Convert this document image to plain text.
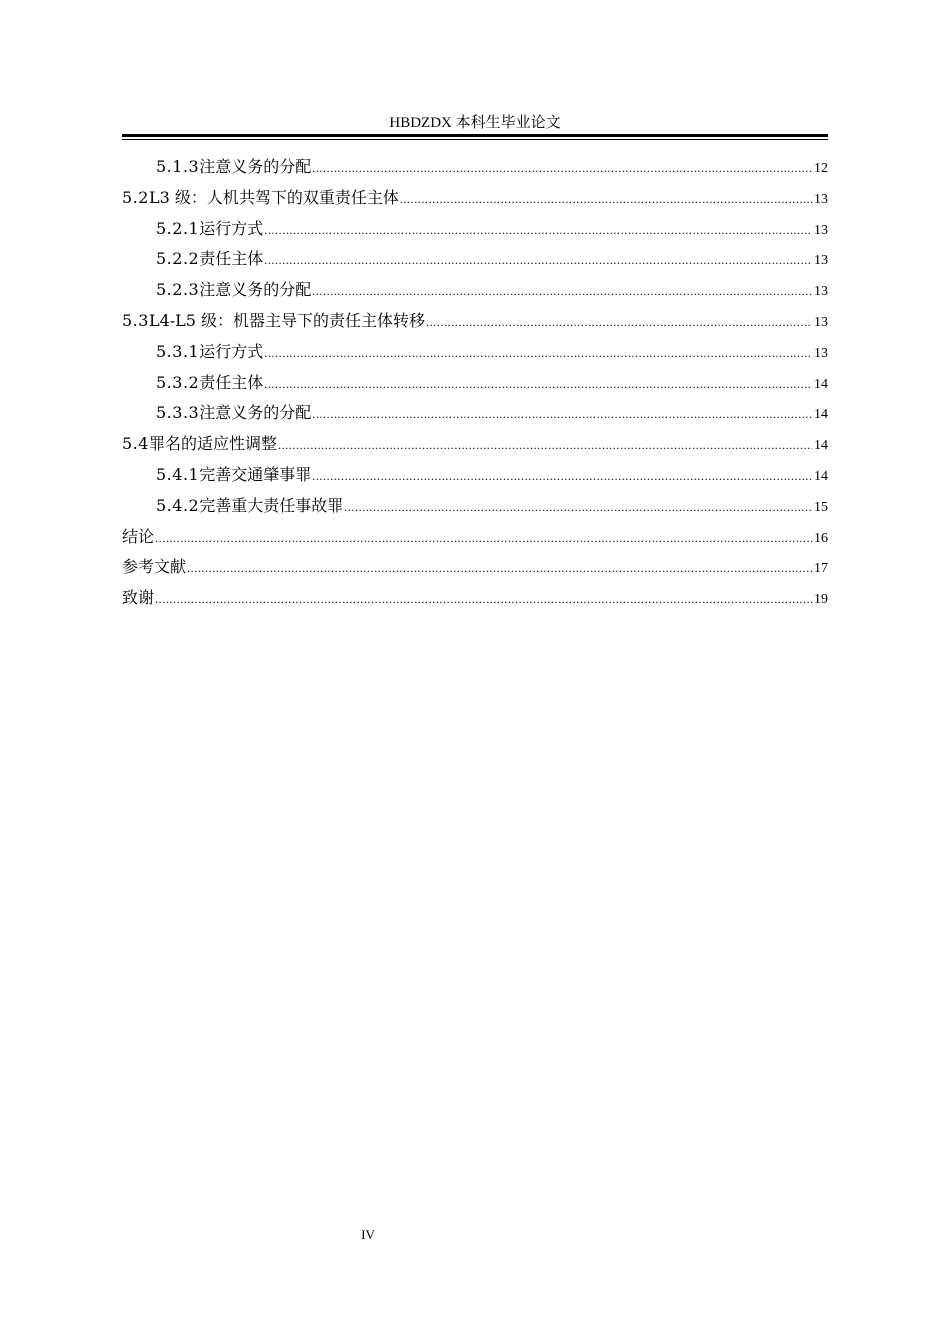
HBDZDX 本科生毕业论文
5.1.3 注意义务的分配 .....	12
5.2 L3 级：人机共驾下的双重责任主体 .....	13
5.2.1 运行方式 .....	13
5.2.2 责任主体 .....	13
5.2.3 注意义务的分配 .....	13
5.3 L4-L5 级：机器主导下的责任主体转移 .....	13
5.3.1 运行方式 .....	13
5.3.2 责任主体 .....	14
5.3.3 注意义务的分配 .....	14
5.4 罪名的适应性调整 .....	14
5.4.1 完善交通肇事罪 .....	14
5.4.2 完善重大责任事故罪 .....	15
结论 .....	16
参考文献 .....	17
致谢 .....	19
IV
